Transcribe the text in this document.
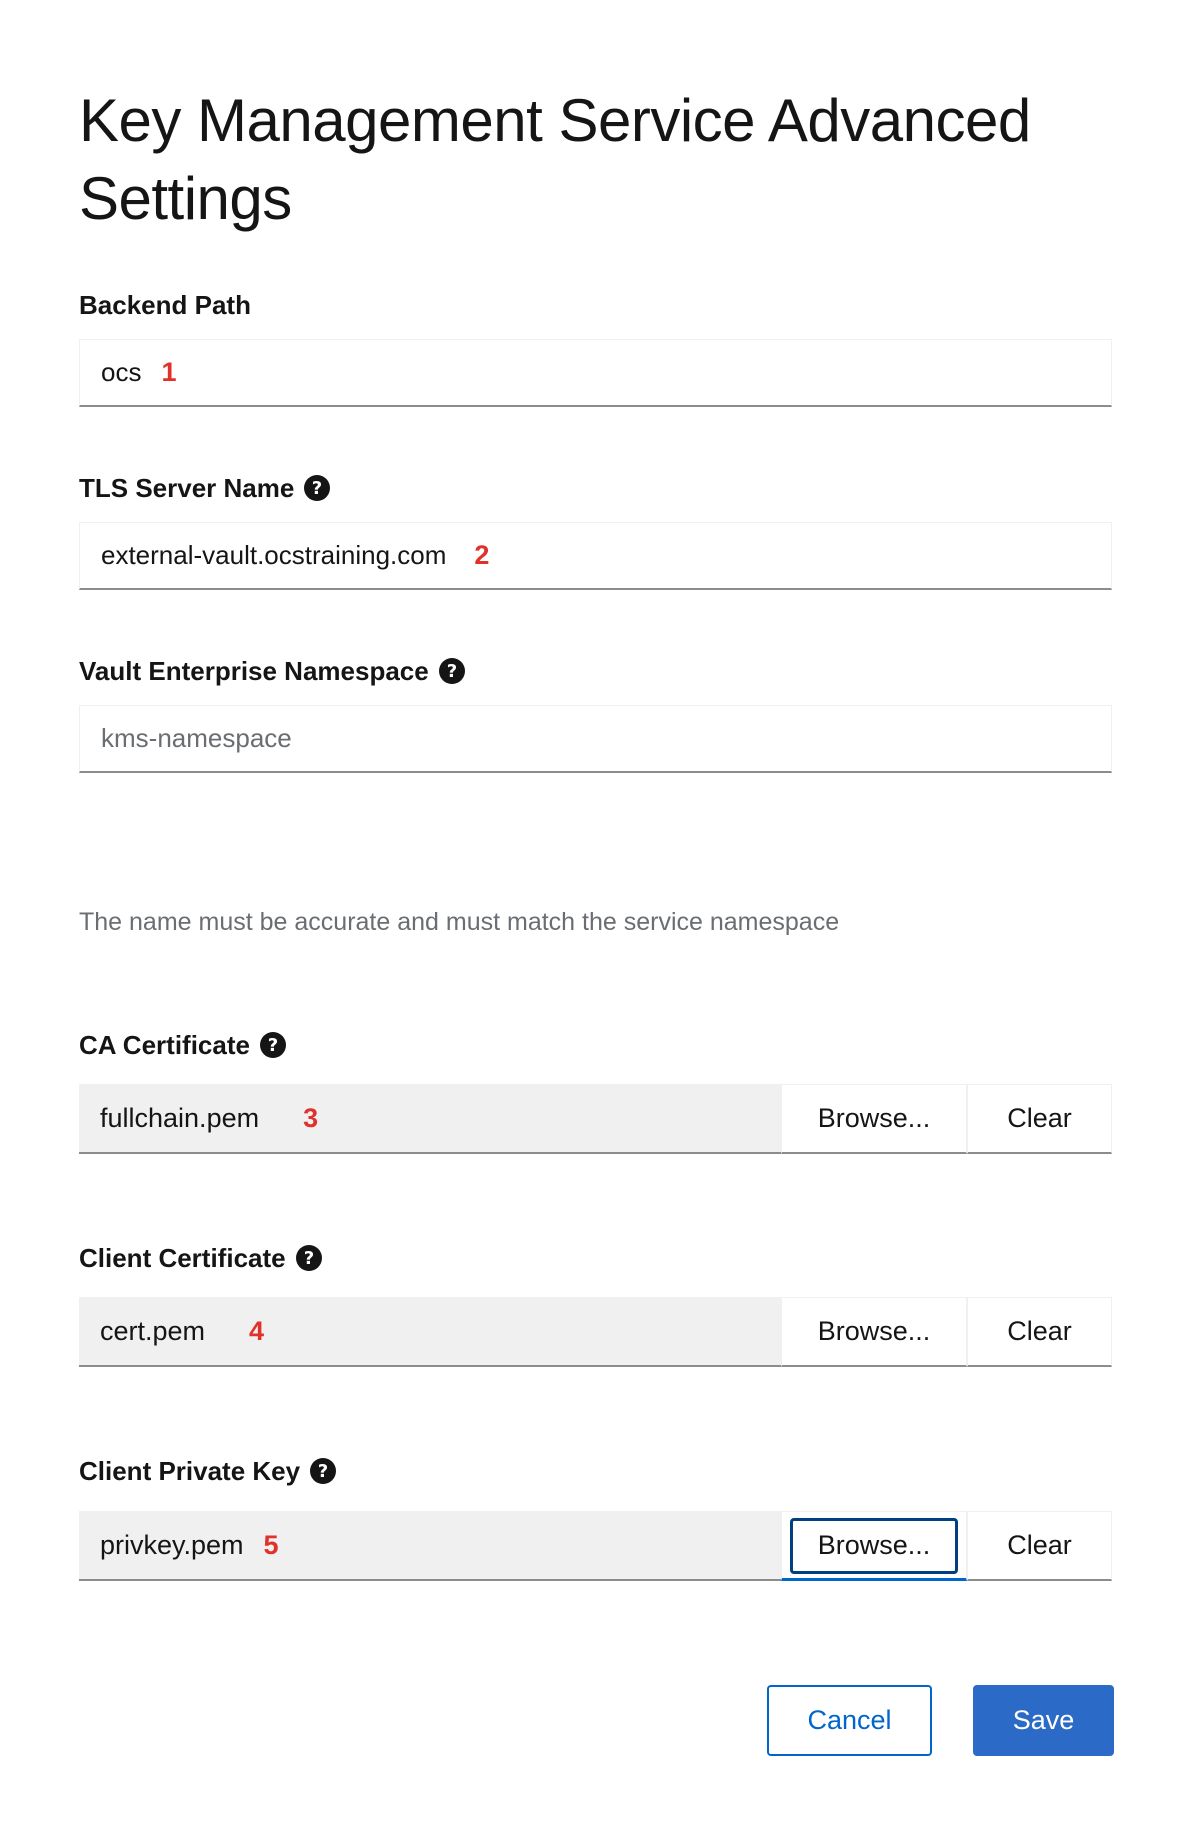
Key Management Service Advanced Settings
Backend Path
ocs 1
TLS Server Name ?
external-vault.ocstraining.com 2
Vault Enterprise Namespace ?
kms-namespace
The name must be accurate and must match the service namespace
CA Certificate ?
fullchain.pem 3	Browse...	Clear
Client Certificate ?
cert.pem 4	Browse...	Clear
Client Private Key ?
privkey.pem 5	Browse...	Clear
Cancel	Save
